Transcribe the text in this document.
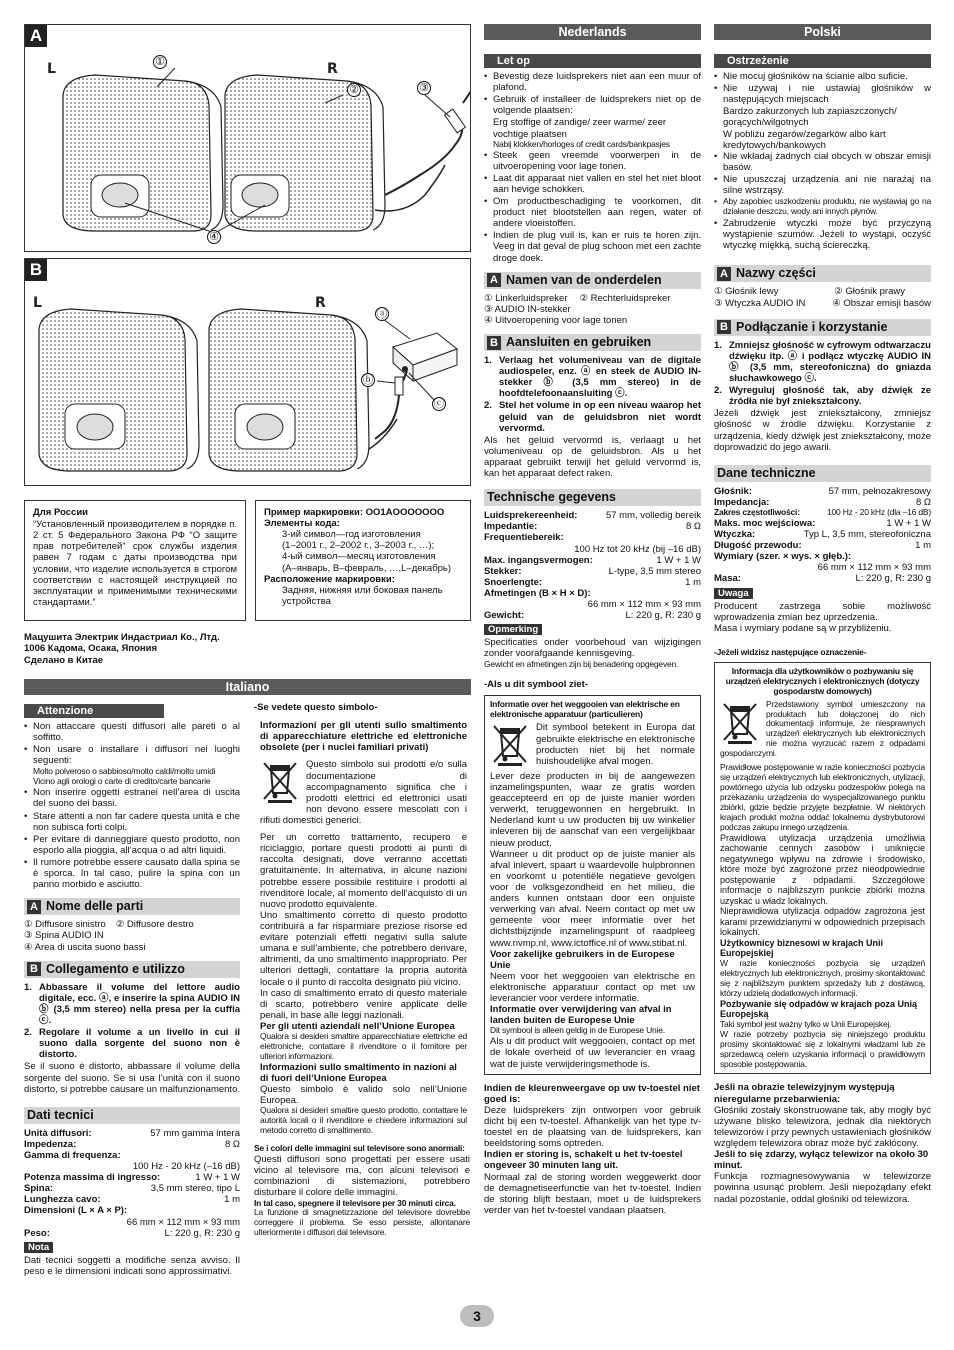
A
L	R
①
②	③
④
B
L	R
ⓐ
ⓑ
ⓒ
Для России
“Установленный производителем в порядке п. 2 ст. 5 Федерального Закона РФ “О защите прав потребителей” срок службы изделия равен 7 годам с даты производства при условии, что изделие используется в строгом соответствии с настоящей инструкцией по эксплуатации и применимыми техническими стандартами.”
Пример маркировки: OO1AOOOOOOO
Элементы кода:
3-ий символ—год изготовления
(1–2001 г., 2–2002 г., 3–2003 г., …);
4-ый символ—месяц изготовления
(A–январь, B–февраль, …,L–декабрь)
Расположение маркировки:
Задняя, нижняя или боковая панель устройства
Мацушита Электрик Индастриал Ко., Лтд.
1006 Кадома, Осака, Япония
Сделано в Китае
Italiano
Attenzione
• Non attaccare questi diffusori alle pareti o al soffitto.
• Non usare o installare i diffusori nei luoghi seguenti:
Molto polveroso o sabbioso/molto caldi/molto umidi
Vicino agli orologi o carte di credito/carte bancarie
• Non inserire oggetti estranei nell’area di uscita del suono dei bassi.
• Stare attenti a non far cadere questa unità e che non subisca forti colpi.
• Per evitare di danneggiare questo prodotto, non esporlo alla pioggia, all’acqua o ad altri liquidi.
• Il rumore potrebbe essere causato dalla spina se è sporca. In tal caso, pulire la spina con un panno morbido e asciutto.
A Nome delle parti
① Diffusore sinistro ② Diffusore destro
③ Spina AUDIO IN
④ Area di uscita suono bassi
B Collegamento e utilizzo
1. Abbassare il volume del lettore audio digitale, ecc. ⓐ, e inserire la spina AUDIO IN ⓑ (3,5 mm stereo) nella presa per la cuffia ⓒ.
2. Regolare il volume a un livello in cui il suono dalla sorgente del suono non è distorto.
Se il suono è distorto, abbassare il volume della sorgente del suono. Se si usa l’unità con il suono distorto, si potrebbe causare un malfunzionamento.
Dati tecnici
Unità diffusori:	57 mm gamma intera
Impedenza:	8 Ω
Gamma di frequenza:
100 Hz - 20 kHz (–16 dB)
Potenza massima di ingresso:	1 W + 1 W
Spina:	3,5 mm stereo, tipo L
Lunghezza cavo:	1 m
Dimensioni (L × A × P):
66 mm × 112 mm × 93 mm
Peso:	L: 220 g, R: 230 g
Nota
Dati tecnici soggetti a modifiche senza avviso. Il peso e le dimensioni indicati sono approssimativi.
-Se vedete questo simbolo-
Informazioni per gli utenti sullo smaltimento di apparecchiature elettriche ed elettroniche obsolete (per i nuclei familiari privati)
Questo simbolo sui prodotti e/o sulla documentazione di accompagnamento significa che i prodotti elettrici ed elettronici usati non devono essere mescolati con i rifiuti domestici generici.
Per un corretto trattamento, recupero e riciclaggio, portare questi prodotti ai punti di raccolta designati, dove verranno accettati gratuitamente. In alternativa, in alcune nazioni potrebbe essere possibile restituire i prodotti al rivenditore locale, al momento dell’acquisto di un nuovo prodotto equivalente.
Uno smaltimento corretto di questo prodotto contribuirà a far risparmiare preziose risorse ed evitare potenziali effetti negativi sulla salute umana e sull’ambiente, che potrebbero derivare, altrimenti, da uno smaltimento inappropriato. Per ulteriori dettagli, contattare la propria autorità locale o il punto di raccolta designato più vicino.
In caso di smaltimento errato di questo materiale di scarto, potrebbero venire applicate delle penali, in base alle leggi nazionali.
Per gli utenti aziendali nell’Unione Europea
Qualora si desideri smaltire apparecchiature elettriche ed elettroniche, contattare il rivenditore o il fornitore per ulteriori informazioni.
Informazioni sullo smaltimento in nazioni al di fuori dell’Unione Europea
Questo simbolo è valido solo nell’Unione Europea.
Qualora si desideri smaltire questo prodotto, contattare le autorità locali o il rivenditore e chiedere informazioni sul metodo corretto di smaltimento.
Se i colori delle immagini sul televisore sono anormali:
Questi diffusori sono progettati per essere usati vicino al televisore ma, con alcuni televisori e combinazioni di sistemazioni, potrebbero disturbare il colore delle immagini.
In tal caso, spegnere il televisore per 30 minuti circa.
La funzione di smagnetizzazione del televisore dovrebbe correggere il problema. Se esso persiste, allontanare ulteriormente i diffusori dal televisore.
Nederlands
Let op
• Bevestig deze luidsprekers niet aan een muur of plafond.
• Gebruik of installeer de luidsprekers niet op de volgende plaatsen:
Erg stoffige of zandige/ zeer warme/ zeer vochtige plaatsen
Nabij klokken/horloges of credit cards/bankpasjes
• Steek geen vreemde voorwerpen in de uitvoeropening voor lage tonen.
• Laat dit apparaat niet vallen en stel het niet bloot aan hevige schokken.
• Om productbeschadiging te voorkomen, dit product niet blootstellen aan regen, water of andere vloeistoffen.
• Indien de plug vuil is, kan er ruis te horen zijn. Veeg in dat geval de plug schoon met een zachte droge doek.
A Namen van de onderdelen
① Linkerluidspreker ② Rechterluidspreker
③ AUDIO IN-stekker
④ Uitvoeropening voor lage tonen
B Aansluiten en gebruiken
1. Verlaag het volumeniveau van de digitale audiospeler, enz. ⓐ en steek de AUDIO IN-stekker ⓑ (3,5 mm stereo) in de hoofdtelefoonaansluiting ⓒ.
2. Stel het volume in op een niveau waarop het geluid van de geluidsbron niet wordt vervormd.
Als het geluid vervormd is, verlaagt u het volumeniveau op de geluidsbron. Als u het apparaat gebruikt terwijl het geluid vervormd is, kan het apparaat defect raken.
Technische gegevens
Luidsprekereenheid:	57 mm, volledig bereik
Impedantie:	8 Ω
Frequentiebereik:
100 Hz tot 20 kHz (bij –16 dB)
Max. ingangsvermogen:	1 W + 1 W
Stekker:	L-type, 3,5 mm stereo
Snoerlengte:	1 m
Afmetingen (B × H × D):
66 mm × 112 mm × 93 mm
Gewicht:	L: 220 g, R: 230 g
Opmerking
Specificaties onder voorbehoud van wijzigingen zonder voorafgaande kennisgeving.
Gewicht en afmetingen zijn bij benadering opgegeven.
-Als u dit symbool ziet-
Informatie over het weggooien van elektrische en elektronische apparatuur (particulieren)
Dit symbool betekent in Europa dat gebruikte elektrische en elektronische producten niet bij het normale huishoudelijke afval mogen.
Lever deze producten in bij de aangewezen inzamelingspunten, waar ze gratis worden geaccepteerd en op de juiste manier worden verwerkt, teruggewonnen en hergebruikt. In Nederland kunt u uw producten bij uw winkelier inleveren bij de aanschaf van een vergelijkbaar nieuw product.
Wanneer u dit product op de juiste manier als afval inlevert, spaart u waardevolle hulpbronnen en voorkomt u potentiële negatieve gevolgen voor de volksgezondheid en het milieu, die anders kunnen ontstaan door een onjuiste verwerking van afval. Neem contact op met uw gemeente voor meer informatie over het dichtstbijzijnde inzamelingspunt of raadpleeg www.nvmp.nl, www.ictoffice.nl of www.stibat.nl.
Voor zakelijke gebruikers in de Europese Unie
Neem voor het weggooien van elektrische en elektronische apparatuur contact op met uw leverancier voor verdere informatie.
Informatie over verwijdering van afval in landen buiten de Europese Unie
Dit symbool is alleen geldig in de Europese Unie.
Als u dit product wilt weggooien, contact op met de lokale overheid of uw leverancier en vraag wat de juiste verwijderingsmethode is.
Indien de kleurenweergave op uw tv-toestel niet goed is:
Deze luidsprekers zijn ontworpen voor gebruik dicht bij een tv-toestel. Afhankelijk van het type tv-toestel en de plaatsing van de luidsprekers, kan beeldstoring soms optreden.
Indien er storing is, schakelt u het tv-toestel ongeveer 30 minuten lang uit.
Normaal zal de storing worden weggewerkt door de demagnetiseerfunctie van het tv-toestel. Indien de storing blijft bestaan, moet u de luidsprekers verder van het tv-toestel vandaan plaatsen.
Polski
Ostrzeżenie
• Nie mocuj głośników na ścianie albo suficie.
• Nie używaj i nie ustawiaj głośników w następujących miejscach
Bardzo zakurzonych lub zapiaszczonych/ gorących/wilgotnych
W pobliżu zegarów/zegarków albo kart kredytowych/bankowych
• Nie wkładaj żadnych ciał obcych w obszar emisji basów.
• Nie upuszczaj urządzenia ani nie narażaj na silne wstrząsy.
• Aby zapobiec uszkodzeniu produktu, nie wystawiaj go na działanie deszczu, wody ani innych płynów.
• Zabrudzenie wtyczki może być przyczyną wystąpienie szumów. Jeżeli to wystąpi, oczyść wtyczkę miękką, suchą ściereczką.
A Nazwy części
① Głośnik lewy	② Głośnik prawy
③ Wtyczka AUDIO IN	④ Obszar emisji basów
B Podłączanie i korzystanie
1. Zmniejsz głośność w cyfrowym odtwarzaczu dźwięku itp. ⓐ i podłącz wtyczkę AUDIO IN ⓑ (3,5 mm, stereofoniczna) do gniazda słuchawkowego ⓒ.
2. Wyreguluj głośność tak, aby dźwięk ze źródła nie był zniekształcony.
Jeżeli dźwięk jest zniekształcony, zmniejsz głośność w źródle dźwięku. Korzystanie z urządzenia, kiedy dźwięk jest zniekształcony, może doprowadzić do jego awarii.
Dane techniczne
Głośnik:	57 mm, pełnozakresowy
Impedancja:	8 Ω
Zakres częstotliwości:	100 Hz - 20 kHz (dla –16 dB)
Maks. moc wejściowa:	1 W + 1 W
Wtyczka:	Typ L, 3,5 mm, stereofoniczna
Długość przewodu:	1 m
Wymiary (szer. × wys. × głęb.):
66 mm × 112 mm × 93 mm
Masa:	L: 220 g, R: 230 g
Uwaga
Producent zastrzega sobie możliwość wprowadzenia zmian bez uprzedzenia.
Masa i wymiary podane są w przybliżeniu.
-Jeżeli widzisz następujące oznaczenie-
Informacja dla użytkowników o pozbywaniu się urządzeń elektrycznych i elektronicznych (dotyczy gospodarstw domowych)
Przedstawiony symbol umieszczony na produktach lub dołączonej do nich dokumentacji informuje, że niesprawnych urządzeń elektrycznych lub elektronicznych nie można wyrzucać razem z odpadami gospodarczymi.
Prawidłowe postępowanie w razie konieczności pozbycia się urządzeń elektrycznych lub elektronicznych, utylizacji, powtórnego użycia lub odzysku podzespołów polega na przekazaniu urządzenia do wyspecjalizowanego punktu zbiórki, gdzie będzie przyjęte bezpłatnie. W niektórych krajach produkt można oddać lokalnemu dystrybutorowi podczas zakupu innego urządzenia.
Prawidłowa utylizacja urządzenia umożliwia zachowanie cennych zasobów i uniknięcie negatywnego wpływu na zdrowie i środowisko, które może być zagrożone przez nieodpowiednie postępowanie z odpadami. Szczegółowe informacje o najbliższym punkcie zbiórki można uzyskać u władz lokalnych.
Nieprawidłowa utylizacja odpadów zagrożona jest karami przewidzianymi w odpowiednich przepisach lokalnych.
Użytkownicy biznesowi w krajach Unii Europejskiej
W razie konieczności pozbycia się urządzeń elektrycznych lub elektronicznych, prosimy skontaktować się z najbliższym punktem sprzedaży lub z dostawcą, którzy udzielą dodatkowych informacji.
Pozbywanie się odpadów w krajach poza Unią Europejską
Taki symbol jest ważny tylko w Unii Europejskej.
W razie potrzeby pozbycia się niniejszego produktu prosimy skontaktować się z lokalnymi władzami lub ze sprzedawcą celem uzyskania informacji o prawidłowym sposobie postępowania.
Jeśli na obrazie telewizyjnym występują nieregularne przebarwienia:
Głośniki zostały skonstruowane tak, aby mogły być używane blisko telewizora, jednak dla niektórych telewizorów i przy pewnych ustawieniach głośników względem telewizora obraz może być zakłócony.
Jeśli to się zdarzy, wyłącz telewizor na około 30 minut.
Funkcja rozmagnesowywania w telewizorze powinna usunąć problem. Jeśli niepożądany efekt nadal pozostanie, oddal głośniki od telewizora.
3
